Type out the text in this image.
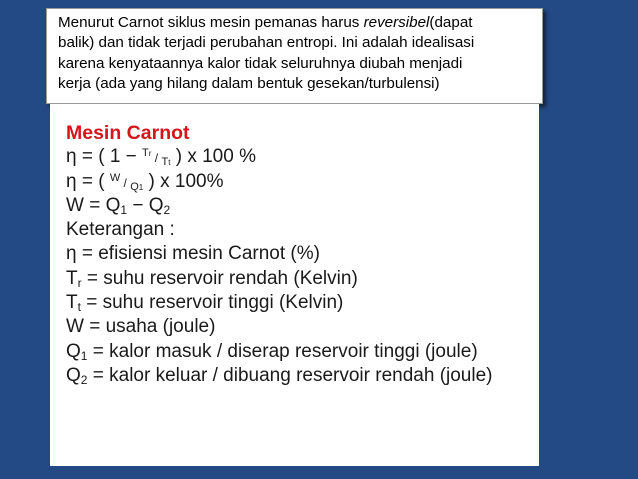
Menurut Carnot siklus mesin pemanas harus reversibel(dapat
balik) dan tidak terjadi perubahan entropi. Ini adalah idealisasi
karena kenyataannya kalor tidak seluruhnya diubah menjadi
kerja (ada yang hilang dalam bentuk gesekan/turbulensi)
Mesin Carnot
η = ( 1 − $^{Tr}$ / Tt ) x 100 %
η = ( $^W$ / Q1 ) x 100%
$W = Q_1 - Q_2$
Keterangan :
η = efisiensi mesin Carnot (%)
$T_r$ = suhu reservoir rendah (Kelvin)
$T_t$ = suhu reservoir tinggi (Kelvin)
W = usaha (joule)
$Q_1$ = kalor masuk / diserap reservoir tinggi (joule)
$Q_2$ = kalor keluar / dibuang reservoir rendah (joule)
